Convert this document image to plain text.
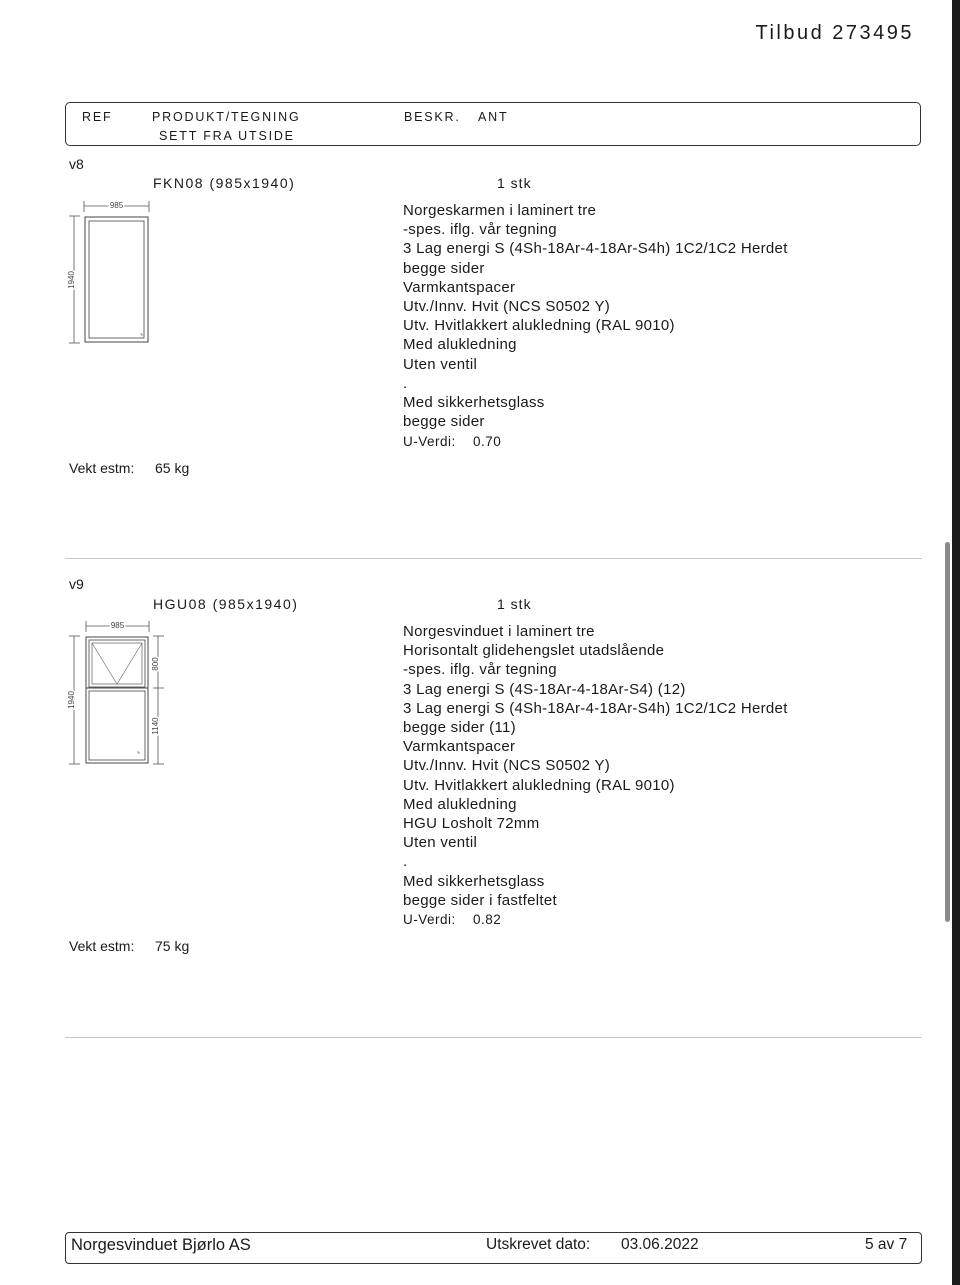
Tilbud 273495
REF	PRODUKT/TEGNING
SETT FRA UTSIDE
BESKR. ANT
v8
FKN08 (985x1940)	1 stk
985
1940
Norgeskarmen i laminert tre
-spes. iflg. vår tegning
3 Lag energi S (4Sh-18Ar-4-18Ar-S4h) 1C2/1C2 Herdet
begge sider
Varmkantspacer
Utv./Innv. Hvit (NCS S0502 Y)
Utv. Hvitlakkert alukledning (RAL 9010)
Med alukledning
Uten ventil
.
Med sikkerhetsglass
begge sider
U-Verdi: 0.70
Vekt estm: 65 kg
v9
HGU08 (985x1940)	1 stk
985
1940
800
1140
Norgesvinduet i laminert tre
Horisontalt glidehengslet utadslående
-spes. iflg. vår tegning
3 Lag energi S (4S-18Ar-4-18Ar-S4) (12)
3 Lag energi S (4Sh-18Ar-4-18Ar-S4h) 1C2/1C2 Herdet
begge sider (11)
Varmkantspacer
Utv./Innv. Hvit (NCS S0502 Y)
Utv. Hvitlakkert alukledning (RAL 9010)
Med alukledning
HGU Losholt 72mm
Uten ventil
.
Med sikkerhetsglass
begge sider i fastfeltet
U-Verdi: 0.82
Vekt estm: 75 kg
Norgesvinduet Bjørlo AS	Utskrevet dato: 03.06.2022	5 av 7
